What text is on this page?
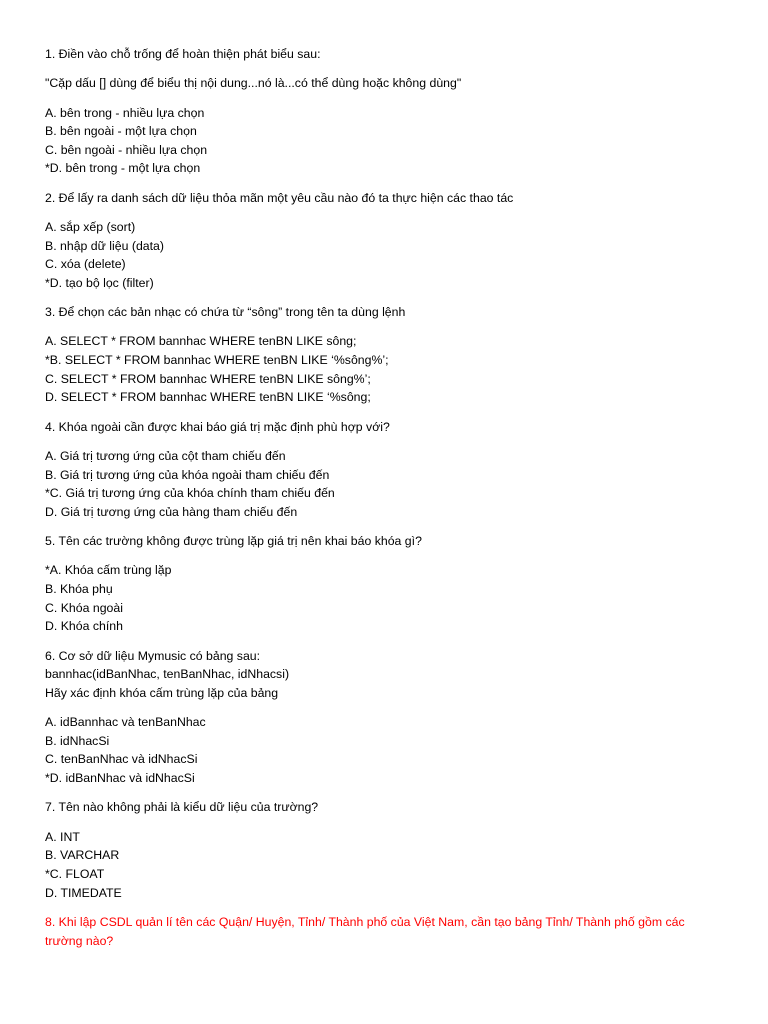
1. Điền vào chỗ trống để hoàn thiện phát biểu sau:
"Cặp dấu [] dùng để biểu thị nội dung...nó là...có thể dùng hoặc không dùng"
A. bên trong - nhiều lựa chọn
B. bên ngoài - một lựa chọn
C. bên ngoài - nhiều lựa chọn
*D. bên trong - một lựa chọn
2. Để lấy ra danh sách dữ liệu thỏa mãn một yêu cầu nào đó ta thực hiện các thao tác
A. sắp xếp (sort)
B. nhập dữ liệu (data)
C. xóa (delete)
*D. tạo bộ lọc (filter)
3. Để chọn các bản nhạc có chứa từ “sông” trong tên ta dùng lệnh
A. SELECT * FROM bannhac WHERE tenBN LIKE sông;
*B. SELECT * FROM bannhac WHERE tenBN LIKE ‘%sông%’;
C. SELECT * FROM bannhac WHERE tenBN LIKE sông%’;
D. SELECT * FROM bannhac WHERE tenBN LIKE ‘%sông;
4. Khóa ngoài cần được khai báo giá trị mặc định phù hợp với?
A. Giá trị tương ứng của cột tham chiếu đến
B. Giá trị tương ứng của khóa ngoài tham chiếu đến
*C. Giá trị tương ứng của khóa chính tham chiếu đến
D. Giá trị tương ứng của hàng tham chiếu đến
5. Tên các trường không được trùng lặp giá trị nên khai báo khóa gì?
*A. Khóa cấm trùng lặp
B. Khóa phụ
C. Khóa ngoài
D. Khóa chính
6. Cơ sở dữ liệu Mymusic có bảng sau:
bannhac(idBanNhac, tenBanNhac, idNhacsi)
Hãy xác định khóa cấm trùng lặp của bảng
A. idBannhac và tenBanNhac
B. idNhacSi
C. tenBanNhac và idNhacSi
*D. idBanNhac và idNhacSi
7. Tên nào không phải là kiểu dữ liệu của trường?
A. INT
B. VARCHAR
*C. FLOAT
D. TIMEDATE
8. Khi lập CSDL quản lí tên các Quận/ Huyện, Tỉnh/ Thành phố của Việt Nam, cần tạo bảng Tỉnh/ Thành phố gồm các trường nào?
